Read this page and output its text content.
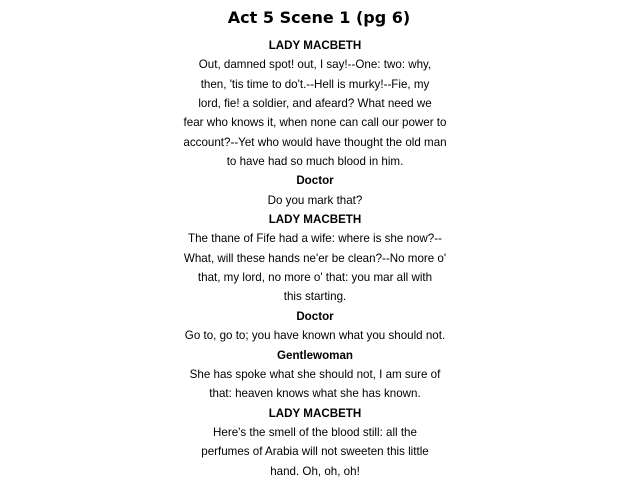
Act 5 Scene 1 (pg 6)
LADY MACBETH
Out, damned spot! out, I say!--One: two: why,
then, 'tis time to do't.--Hell is murky!--Fie, my
lord, fie! a soldier, and afeard? What need we
fear who knows it, when none can call our power to
account?--Yet who would have thought the old man
to have had so much blood in him.
Doctor
Do you mark that?
LADY MACBETH
The thane of Fife had a wife: where is she now?--
What, will these hands ne'er be clean?--No more o'
that, my lord, no more o' that: you mar all with
this starting.
Doctor
Go to, go to; you have known what you should not.
Gentlewoman
She has spoke what she should not, I am sure of
that: heaven knows what she has known.
LADY MACBETH
Here's the smell of the blood still: all the
perfumes of Arabia will not sweeten this little
hand. Oh, oh, oh!
